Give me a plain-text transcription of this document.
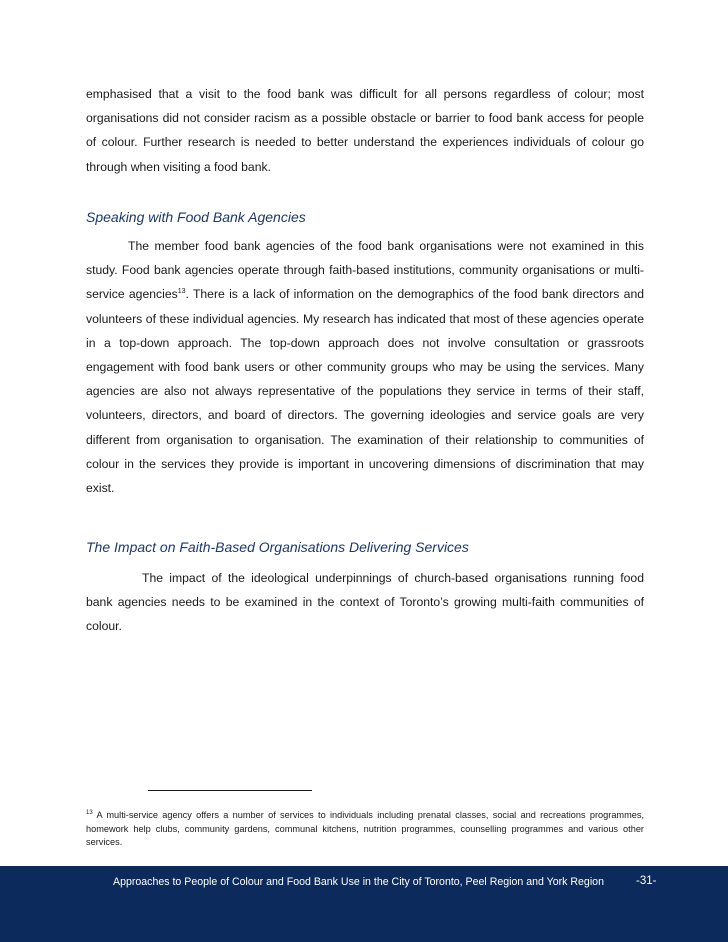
emphasised that a visit to the food bank was difficult for all persons regardless of colour; most organisations did not consider racism as a possible obstacle or barrier to food bank access for people of colour. Further research is needed to better understand the experiences individuals of colour go through when visiting a food bank.

Speaking with Food Bank Agencies

The member food bank agencies of the food bank organisations were not examined in this study. Food bank agencies operate through faith-based institutions, community organisations or multi-service agencies$^{13}$. There is a lack of information on the demographics of the food bank directors and volunteers of these individual agencies. My research has indicated that most of these agencies operate in a top-down approach. The top-down approach does not involve consultation or grassroots engagement with food bank users or other community groups who may be using the services. Many agencies are also not always representative of the populations they service in terms of their staff, volunteers, directors, and board of directors. The governing ideologies and service goals are very different from organisation to organisation. The examination of their relationship to communities of colour in the services they provide is important in uncovering dimensions of discrimination that may exist.

The Impact on Faith-Based Organisations Delivering Services

The impact of the ideological underpinnings of church-based organisations running food bank agencies needs to be examined in the context of Toronto’s growing multi-faith communities of colour.

$^{13}$ A multi-service agency offers a number of services to individuals including prenatal classes, social and recreations programmes, homework help clubs, community gardens, communal kitchens, nutrition programmes, counselling programmes and various other services.

Approaches to People of Colour and Food Bank Use in the City of Toronto, Peel Region and York Region	-31-
